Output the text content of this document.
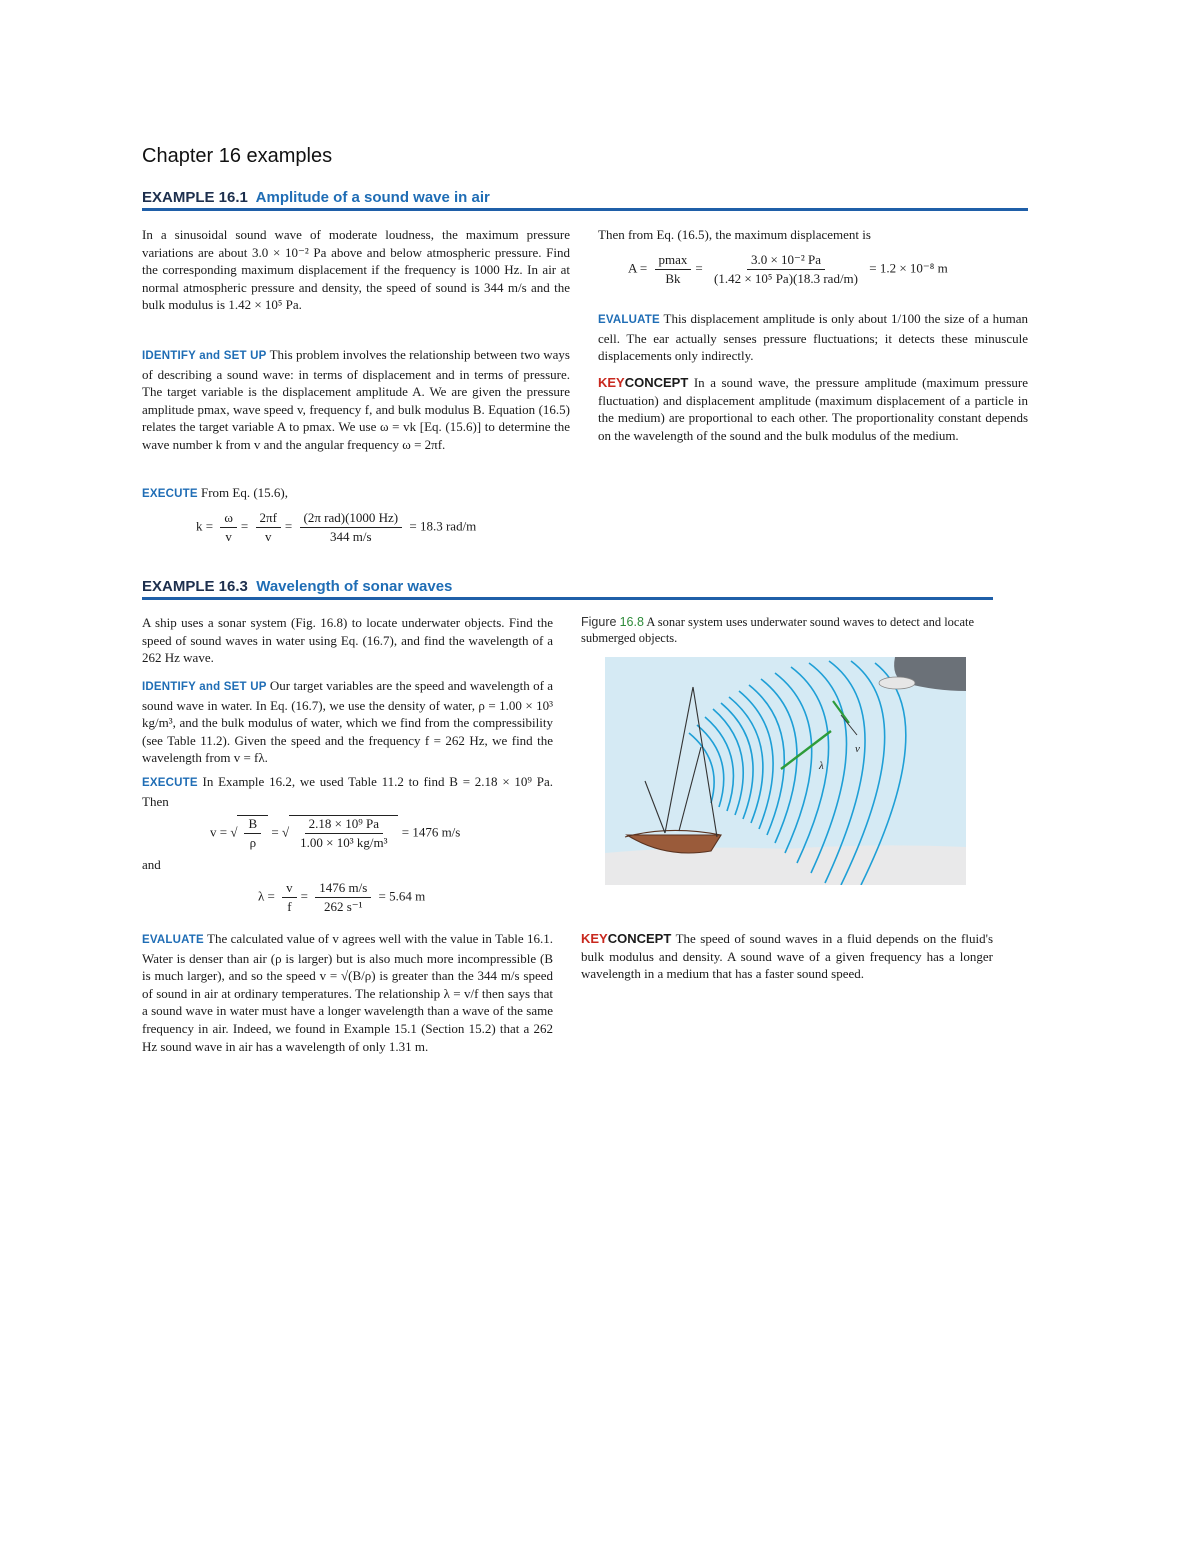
Chapter 16 examples
EXAMPLE 16.1 Amplitude of a sound wave in air

In a sinusoidal sound wave of moderate loudness, the maximum pressure variations are about 3.0 × 10⁻² Pa above and below atmospheric pressure. Find the corresponding maximum displacement if the frequency is 1000 Hz. In air at normal atmospheric pressure and density, the speed of sound is 344 m/s and the bulk modulus is 1.42 × 10⁵ Pa.

IDENTIFY and SET UP This problem involves the relationship between two ways of describing a sound wave: in terms of displacement and in terms of pressure. The target variable is the displacement amplitude A. We are given the pressure amplitude pmax, wave speed v, frequency f, and bulk modulus B. Equation (16.5) relates the target variable A to pmax. We use ω = vk [Eq. (15.6)] to determine the wave number k from v and the angular frequency ω = 2πf.

EXECUTE From Eq. (15.6),

$k = \frac{\omega}{v} = \frac{2\pi f}{v} = \frac{\text{(2π rad)(1000 Hz)}}{344 m/s} = 18.3$ rad/m

Then from Eq. (16.5), the maximum displacement is

$A = \frac{pmax}{Bk} = \frac{\text{3.0 × 10⁻² Pa}}{\text{(1.42 × 10⁵ Pa)(18.3 rad/m)}} = 1.2 \times 10^{-8}$ m

EVALUATE This displacement amplitude is only about 1/100 the size of a human cell. The ear actually senses pressure fluctuations; it detects these minuscule displacements only indirectly.

KEYCONCEPT In a sound wave, the pressure amplitude (maximum pressure fluctuation) and displacement amplitude (maximum displacement of a particle in the medium) are proportional to each other. The proportionality constant depends on the wavelength of the sound and the bulk modulus of the medium.

EXAMPLE 16.3 Wavelength of sonar waves

A ship uses a sonar system (Fig. 16.8) to locate underwater objects. Find the speed of sound waves in water using Eq. (16.7), and find the wavelength of a 262 Hz wave.

IDENTIFY and SET UP Our target variables are the speed and wavelength of a sound wave in water. In Eq. (16.7), we use the density of water, ρ = 1.00 × 10³ kg/m³, and the bulk modulus of water, which we find from the compressibility (see Table 11.2). Given the speed and the frequency f = 262 Hz, we find the wavelength from v = fλ.

EXECUTE In Example 16.2, we used Table 11.2 to find B = 2.18 × 10⁹ Pa. Then

v = √ $\frac{B}{\rho}$ = √ $\frac{\text{2.18 × 10⁹ Pa}}{\text{1.00 × 10³ kg/m³}} = 1476$ m/s
and
$\lambda = \frac{v}{f} = \frac{1476 m/s}{\text{262 s⁻¹}} = 5.64$ m

EVALUATE The calculated value of v agrees well with the value in Table 16.1. Water is denser than air (ρ is larger) but is also much more incompressible (B is much larger), and so the speed v = √(B/ρ) is greater than the 344 m/s speed of sound in air at ordinary temperatures. The relationship λ = v/f then says that a sound wave in water must have a longer wavelength than a wave of the same frequency in air. Indeed, we found in Example 15.1 (Section 15.2) that a 262 Hz sound wave in air has a wavelength of only 1.31 m.

Figure 16.8 A sonar system uses underwater sound waves to detect and locate submerged objects.
v
λ

KEYCONCEPT The speed of sound waves in a fluid depends on the fluid's bulk modulus and density. A sound wave of a given frequency has a longer wavelength in a medium that has a faster sound speed.
